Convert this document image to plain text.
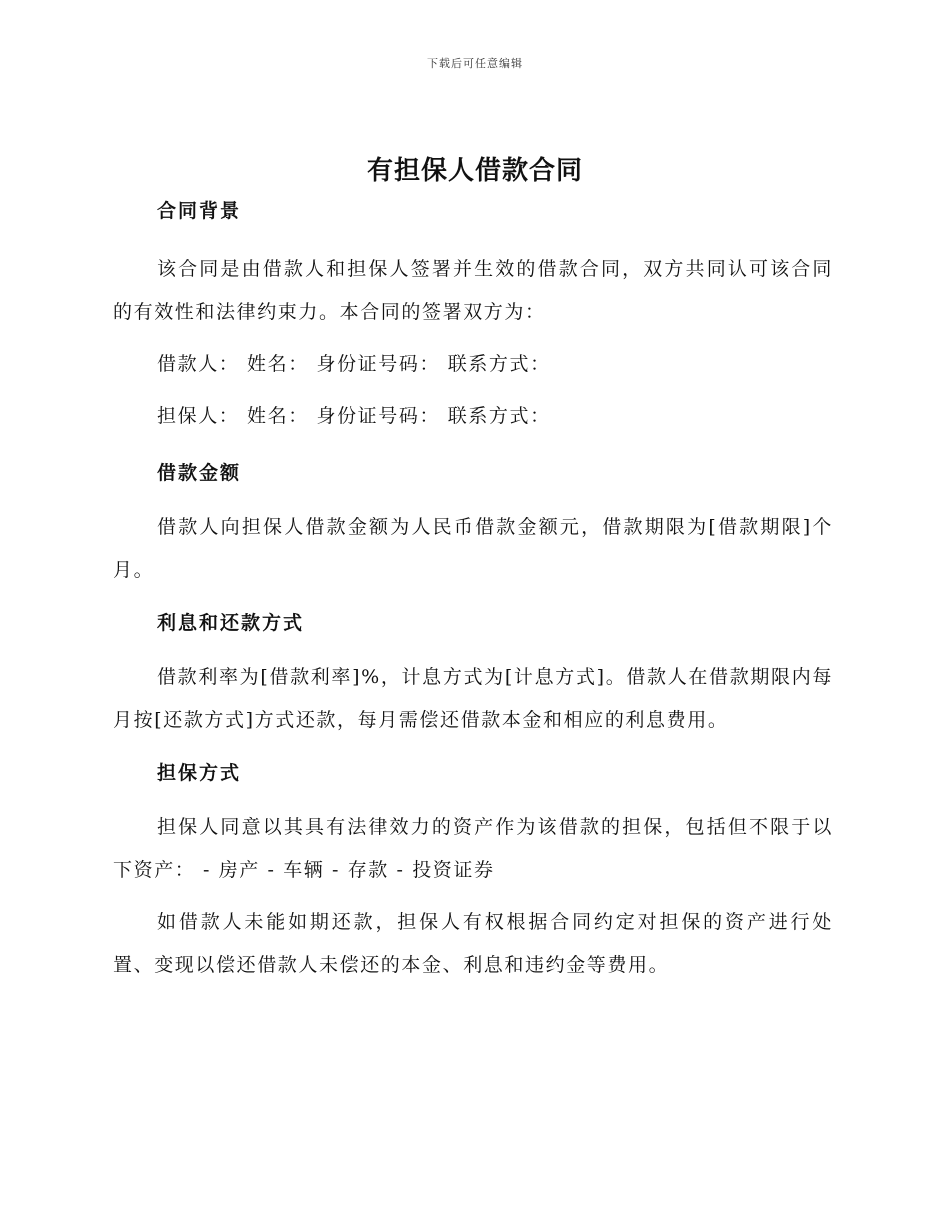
下载后可任意编辑
有担保人借款合同
合同背景

该合同是由借款人和担保人签署并生效的借款合同，双方共同认可该合同的有效性和法律约束力。本合同的签署双方为：

借款人： 姓名： 身份证号码： 联系方式：

担保人： 姓名： 身份证号码： 联系方式：

借款金额

借款人向担保人借款金额为人民币借款金额元，借款期限为[借款期限]个月。

利息和还款方式

借款利率为[借款利率]%，计息方式为[计息方式]。借款人在借款期限内每月按[还款方式]方式还款，每月需偿还借款本金和相应的利息费用。

担保方式

担保人同意以其具有法律效力的资产作为该借款的担保，包括但不限于以下资产： - 房产 - 车辆 - 存款 - 投资证券

如借款人未能如期还款，担保人有权根据合同约定对担保的资产进行处置、变现以偿还借款人未偿还的本金、利息和违约金等费用。
